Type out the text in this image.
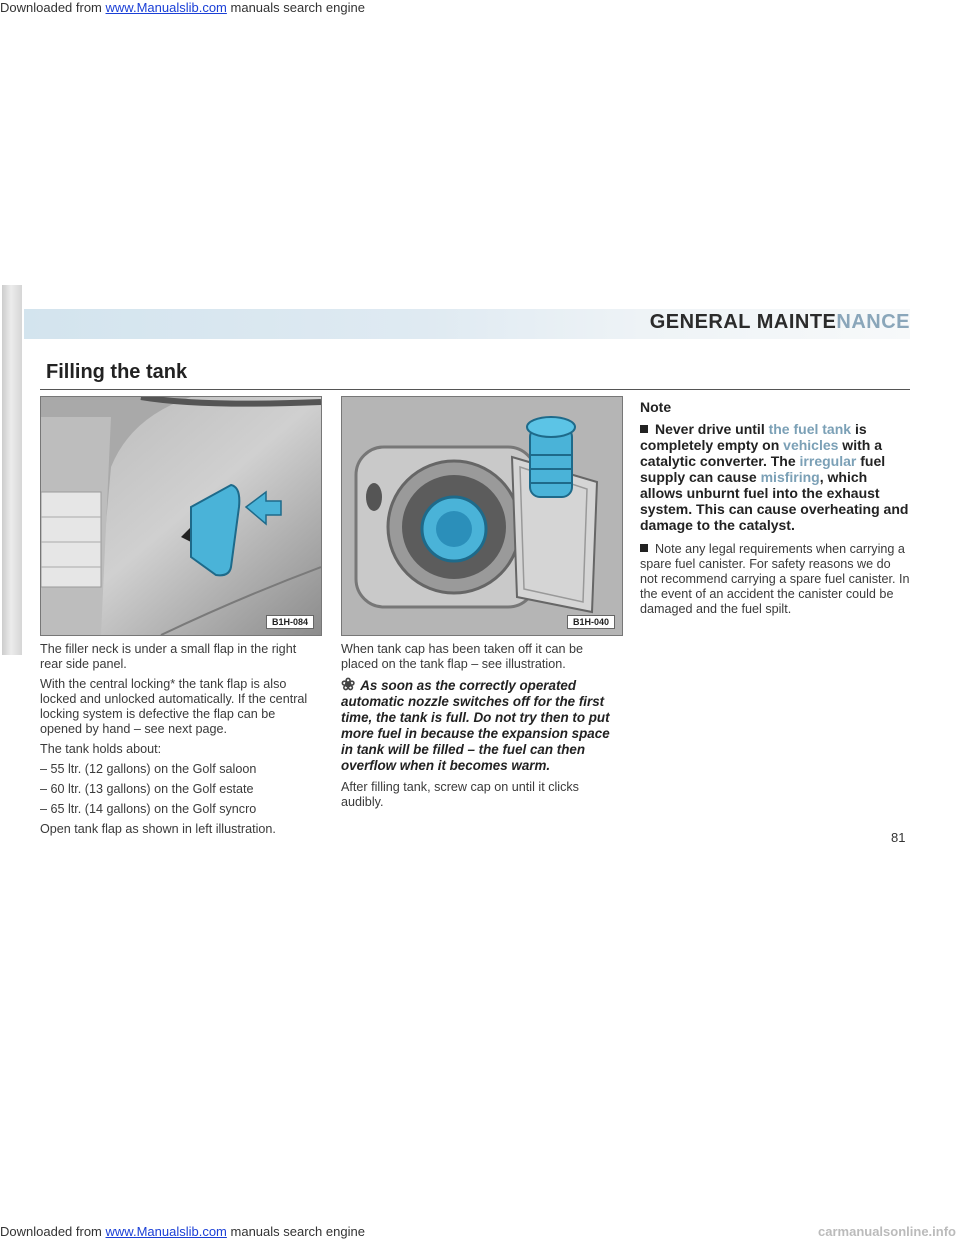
Downloaded from www.Manualslib.com manuals search engine
GENERAL MAINTENANCE
Filling the tank
B1H-084	B1H-040

The filler neck is under a small flap in the right rear side panel.

With the central locking* the tank flap is also locked and unlocked automatically. If the central locking system is defective the flap can be opened by hand – see next page.

The tank holds about:

– 55 ltr. (12 gallons) on the Golf saloon

– 60 ltr. (13 gallons) on the Golf estate

– 65 ltr. (14 gallons) on the Golf syncro

Open tank flap as shown in left illustration.

When tank cap has been taken off it can be placed on the tank flap – see illustration.

❀ As soon as the correctly operated automatic nozzle switches off for the first time, the tank is full. Do not try then to put more fuel in because the expansion space in tank will be filled – the fuel can then overflow when it becomes warm.

After filling tank, screw cap on until it clicks audibly.

Note

Never drive until the fuel tank is completely empty on vehicles with a catalytic converter. The irregular fuel supply can cause misfiring, which allows unburnt fuel into the exhaust system. This can cause overheating and damage to the catalyst.

Note any legal requirements when carrying a spare fuel canister. For safety reasons we do not recommend carrying a spare fuel canister. In the event of an accident the canister could be damaged and the fuel spilt.

81
Downloaded from www.Manualslib.com manuals search engine	carmanualsonline.info
